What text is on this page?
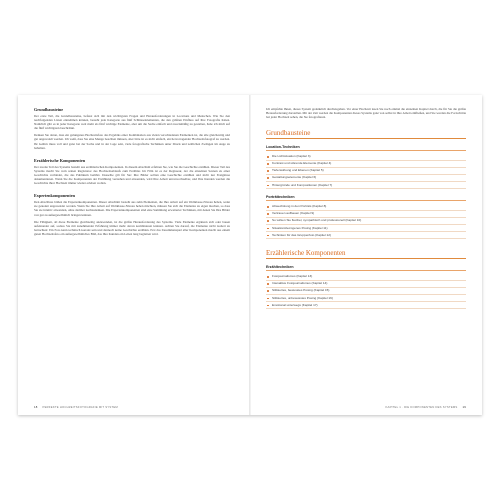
Grundbausteine

Der erste Teil, die Grundbausteine, befasst sich mit den wichtigsten Fragen und Herausforderungen in Locations und Menschen. Wie Sie den nachfolgenden Listen entnehmen können, besteht jede Kategorie aus fünf Schlüsselelementen, die den größten Einfluss auf Ihre Fotografie haben. Natürlich gibt es in jeder Kategorie weit mehr als fünf wichtige Elemente, aber um die Sache einfach und zweckmäßig zu gestalten, habe ich mich auf die fünf wichtigsten beschränkt.

Denken Sie daran, dass ein gelungenes Hochzeitsfoto das Ergebnis einer Kombination aus vielen verschiedenen Elementen ist, die alle gleichzeitig und gut angewandt werden. Ich weiß, dass Sie eine Menge beachten müssen, aber bitte ist es nicht einfach, ein hervorragender Hochzeitsfotograf zu werden. Ihr Gehirn muss voll und ganz bei der Sache und in der Lage sein, viele fotografische Techniken unter Druck und zeitlichen Zwängen im Auge zu behalten.

Erzählerische Komponenten

Der zweite Teil des Systems besteht aus erzählerischen Komponenten. In diesem Abschnitt erfahren Sie, wie Sie die Geschichte erzählen. Dieser Teil des Systems macht Sie vom reinen Registrator des Hochzeitsablaufs zum Erzähler. Im Film ist es der Regisseur, der die einzelnen Szenen zu einer Geschichte verbindet, die das Publikum berührt. Dasselbe gilt für Sie: Ihre Bilder sollten eine Geschichte erzählen und nicht nur Ereignisse dokumentieren. Wenn Sie die Komponenten der Erzählung verstehen und anwenden, wird Ihre Arbeit unverwechselbar, und Ihre Kunden werden die Geschichte ihrer Hochzeit immer wieder erleben wollen.

Expertenkomponenten

Den Abschluss bilden die Expertenkomponenten. Dieser Abschnitt besteht aus zehn Elementen, die Ihre Arbeit auf ein Weltklasse-Niveau heben, wenn sie gekonnt angewendet werden. Wenn Sie Ihre Arbeit auf Weltklasse-Niveau heben möchten, müssen Sie sich die Elemente zu eigen machen, so dass Sie sie intuitiv anwenden, ohne darüber nachzudenken. Die Expertenkomponenten sind eine Sammlung erweiterter Techniken, mit denen Sie Ihre Bilder von gut zu außergewöhnlich bringen können.

Die Fähigkeit, all diese Elemente gleichzeitig anzuwenden, ist die größte Herausforderung des Systems. Viele Elemente ergänzen sich oder bauen aufeinander auf, sodass Sie mit zunehmender Erfahrung immer mehr davon kombinieren können. Achten Sie darauf, die Elemente nicht isoliert zu betrachten: Ein Foto kann technisch korrekt sein und dennoch keine Geschichte erzählen. Erst das Zusammenspiel aller Komponenten macht aus einem guten Hochzeitsfoto ein außergewöhnliches Bild, das Ihre Kunden ein Leben lang begleiten wird.

18 PERFEKTE HOCHZEITSFOTOGRAFIE MIT SYSTEM

Ich empfehle Ihnen, dieses System gedanklich durchzugehen. Vor einer Hochzeit lesen Sie noch einmal die einzelnen Kapitel durch, die für Sie die größte Herausforderung darstellen. Mit der Zeit werden die Komponenten dieses Systems ganz von selbst in Ihre Arbeit einfließen, und Sie werden die Fortschritte bei jeder Hochzeit sehen, die Sie fotografieren.

Grundbausteine
Location-Techniken
Die Lichtsituation (Kapitel 3)
Kontrast und störende Elemente (Kapitel 4)
Tiefenwirkung und Ebenen (Kapitel 5)
Gestaltungselemente (Kapitel 6)
Hintergründe und Kompositionen (Kapitel 7)
Porträttechniken
Abwechslung in den Porträts (Kapitel 8)
Vertrauen aufbauen (Kapitel 9)
So wirken Sie flexibel, sympathisch und professionell (Kapitel 10)
Situationsbezogenes Posing (Kapitel 11)
Techniken für das Gruppenfoto (Kapitel 12)
Erzählerische Komponenten
Erzähltechniken
Fotojournalismus (Kapitel 13)
Interaktive Fotojournalismus (Kapitel 14)
Stilisiertes, bewusstes Posing (Kapitel 15)
Stilisiertes, unbewusstes Posing (Kapitel 16)
Emotional unterwegs (Kapitel 17)
KAPITEL 1 · DIE KOMPONENTEN DES SYSTEMS 19
